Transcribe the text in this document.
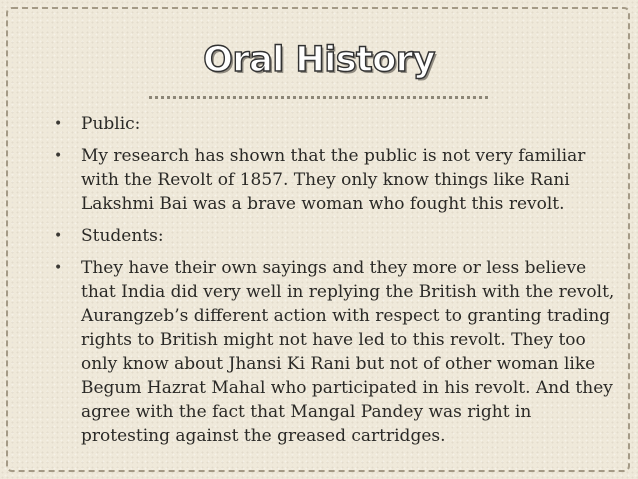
Oral History
• Public:
• My research has shown that the public is not very familiar with the Revolt of 1857. They only know things like Rani Lakshmi Bai was a brave woman who fought this revolt.
• Students:
• They have their own sayings and they more or less believe that India did very well in replying the British with the revolt, Aurangzeb’s different action with respect to granting trading rights to British might not have led to this revolt. They too only know about Jhansi Ki Rani but not of other woman like Begum Hazrat Mahal who participated in his revolt. And they agree with the fact that Mangal Pandey was right in protesting against the greased cartridges.
